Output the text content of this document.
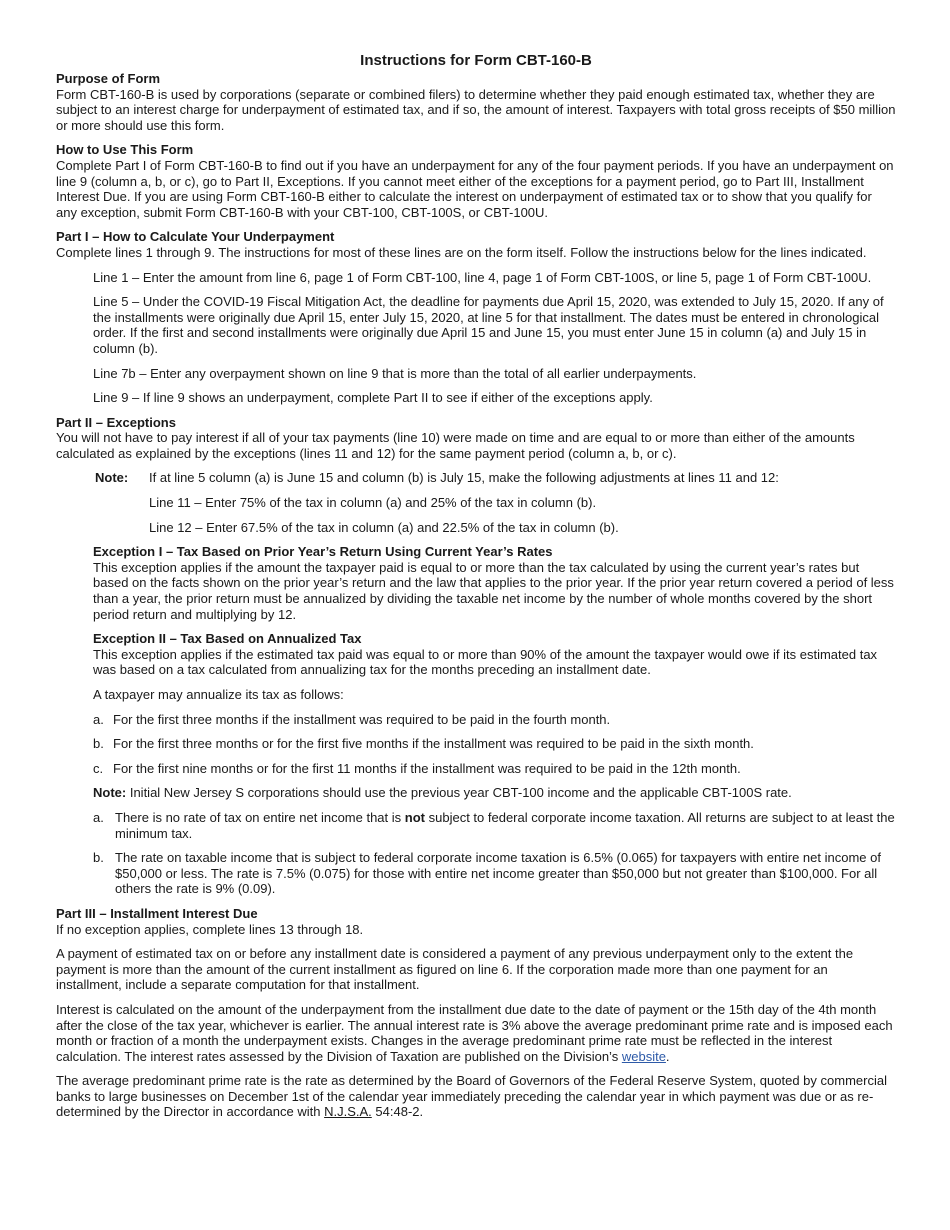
Instructions for Form CBT-160-B
Purpose of Form

Form CBT-160-B is used by corporations (separate or combined filers) to determine whether they paid enough estimated tax, whether they are subject to an interest charge for underpayment of estimated tax, and if so, the amount of interest. Taxpayers with total gross receipts of $50 million or more should use this form.

How to Use This Form

Complete Part I of Form CBT-160-B to find out if you have an underpayment for any of the four payment periods. If you have an underpayment on line 9 (column a, b, or c), go to Part II, Exceptions. If you cannot meet either of the exceptions for a payment period, go to Part III, Installment Interest Due. If you are using Form CBT-160-B either to calculate the interest on underpayment of estimated tax or to show that you qualify for any exception, submit Form CBT-160-B with your CBT-100, CBT-100S, or CBT-100U.

Part I – How to Calculate Your Underpayment

Complete lines 1 through 9. The instructions for most of these lines are on the form itself. Follow the instructions below for the lines indicated.

Line 1 – Enter the amount from line 6, page 1 of Form CBT-100, line 4, page 1 of Form CBT-100S, or line 5, page 1 of Form CBT-100U.

Line 5 – Under the COVID-19 Fiscal Mitigation Act, the deadline for payments due April 15, 2020, was extended to July 15, 2020. If any of the installments were originally due April 15, enter July 15, 2020, at line 5 for that installment. The dates must be entered in chronological order. If the first and second installments were originally due April 15 and June 15, you must enter June 15 in column (a) and July 15 in column (b).

Line 7b – Enter any overpayment shown on line 9 that is more than the total of all earlier underpayments.

Line 9 – If line 9 shows an underpayment, complete Part II to see if either of the exceptions apply.

Part II – Exceptions

You will not have to pay interest if all of your tax payments (line 10) were made on time and are equal to or more than either of the amounts calculated as explained by the exceptions (lines 11 and 12) for the same payment period (column a, b, or c).

Note:	If at line 5 column (a) is June 15 and column (b) is July 15, make the following adjustments at lines 11 and 12:

Line 11 – Enter 75% of the tax in column (a) and 25% of the tax in column (b).

Line 12 – Enter 67.5% of the tax in column (a) and 22.5% of the tax in column (b).

Exception I – Tax Based on Prior Year’s Return Using Current Year’s Rates

This exception applies if the amount the taxpayer paid is equal to or more than the tax calculated by using the current year’s rates but based on the facts shown on the prior year’s return and the law that applies to the prior year. If the prior year return covered a period of less than a year, the prior return must be annualized by dividing the taxable net income by the number of whole months covered by the short period return and multiplying by 12.

Exception II – Tax Based on Annualized Tax

This exception applies if the estimated tax paid was equal to or more than 90% of the amount the taxpayer would owe if its estimated tax was based on a tax calculated from annualizing tax for the months preceding an installment date.

A taxpayer may annualize its tax as follows:

a. For the first three months if the installment was required to be paid in the fourth month.
b. For the first three months or for the first five months if the installment was required to be paid in the sixth month.
c. For the first nine months or for the first 11 months if the installment was required to be paid in the 12th month.

Note: Initial New Jersey S corporations should use the previous year CBT-100 income and the applicable CBT-100S rate.

a. There is no rate of tax on entire net income that is not subject to federal corporate income taxation. All returns are subject to at least the minimum tax.
b. The rate on taxable income that is subject to federal corporate income taxation is 6.5% (0.065) for taxpayers with entire net income of $50,000 or less. The rate is 7.5% (0.075) for those with entire net income greater than $50,000 but not greater than $100,000. For all others the rate is 9% (0.09).
Part III – Installment Interest Due

If no exception applies, complete lines 13 through 18.

A payment of estimated tax on or before any installment date is considered a payment of any previous underpayment only to the extent the payment is more than the amount of the current installment as figured on line 6. If the corporation made more than one payment for an installment, include a separate computation for that installment.

Interest is calculated on the amount of the underpayment from the installment due date to the date of payment or the 15th day of the 4th month after the close of the tax year, whichever is earlier. The annual interest rate is 3% above the average predominant prime rate and is imposed each month or fraction of a month the underpayment exists. Changes in the average predominant prime rate must be reflected in the interest calculation. The interest rates assessed by the Division of Taxation are published on the Division’s website.

The average predominant prime rate is the rate as determined by the Board of Governors of the Federal Reserve System, quoted by commercial banks to large businesses on December 1st of the calendar year immediately preceding the calendar year in which payment was due or as re-determined by the Director in accordance with N.J.S.A. 54:48-2.
